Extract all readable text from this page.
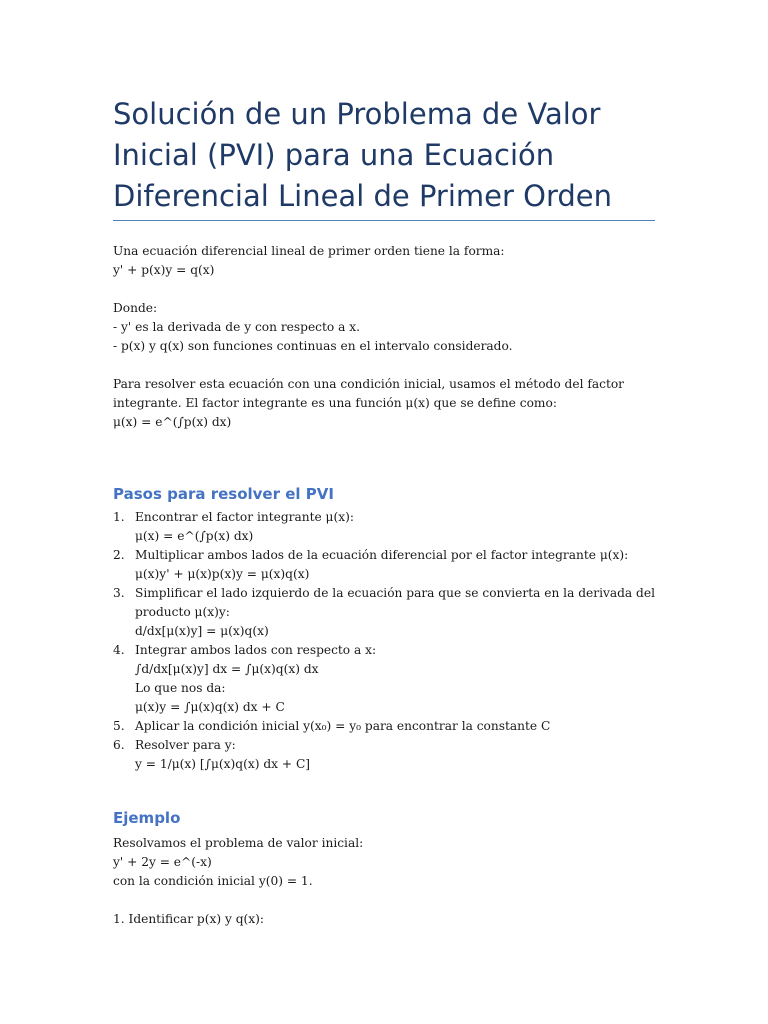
Solución de un Problema de Valor
Inicial (PVI) para una Ecuación
Diferencial Lineal de Primer Orden
Una ecuación diferencial lineal de primer orden tiene la forma:
y' + p(x)y = q(x)
Donde:
- y' es la derivada de y con respecto a x.
- p(x) y q(x) son funciones continuas en el intervalo considerado.
Para resolver esta ecuación con una condición inicial, usamos el método del factor
integrante. El factor integrante es una función μ(x) que se define como:
μ(x) = e^(∫p(x) dx)
Pasos para resolver el PVI
1. Encontrar el factor integrante μ(x):
μ(x) = e^(∫p(x) dx)
2. Multiplicar ambos lados de la ecuación diferencial por el factor integrante μ(x):
μ(x)y' + μ(x)p(x)y = μ(x)q(x)
3. Simplificar el lado izquierdo de la ecuación para que se convierta en la derivada del
producto μ(x)y:
d/dx[μ(x)y] = μ(x)q(x)
4. Integrar ambos lados con respecto a x:
∫d/dx[μ(x)y] dx = ∫μ(x)q(x) dx
Lo que nos da:
μ(x)y = ∫μ(x)q(x) dx + C
5. Aplicar la condición inicial y(x₀) = y₀ para encontrar la constante C
6. Resolver para y:
y = 1/μ(x) [∫μ(x)q(x) dx + C]
Ejemplo
Resolvamos el problema de valor inicial:
y' + 2y = e^(-x)
con la condición inicial y(0) = 1.
1. Identificar p(x) y q(x):
